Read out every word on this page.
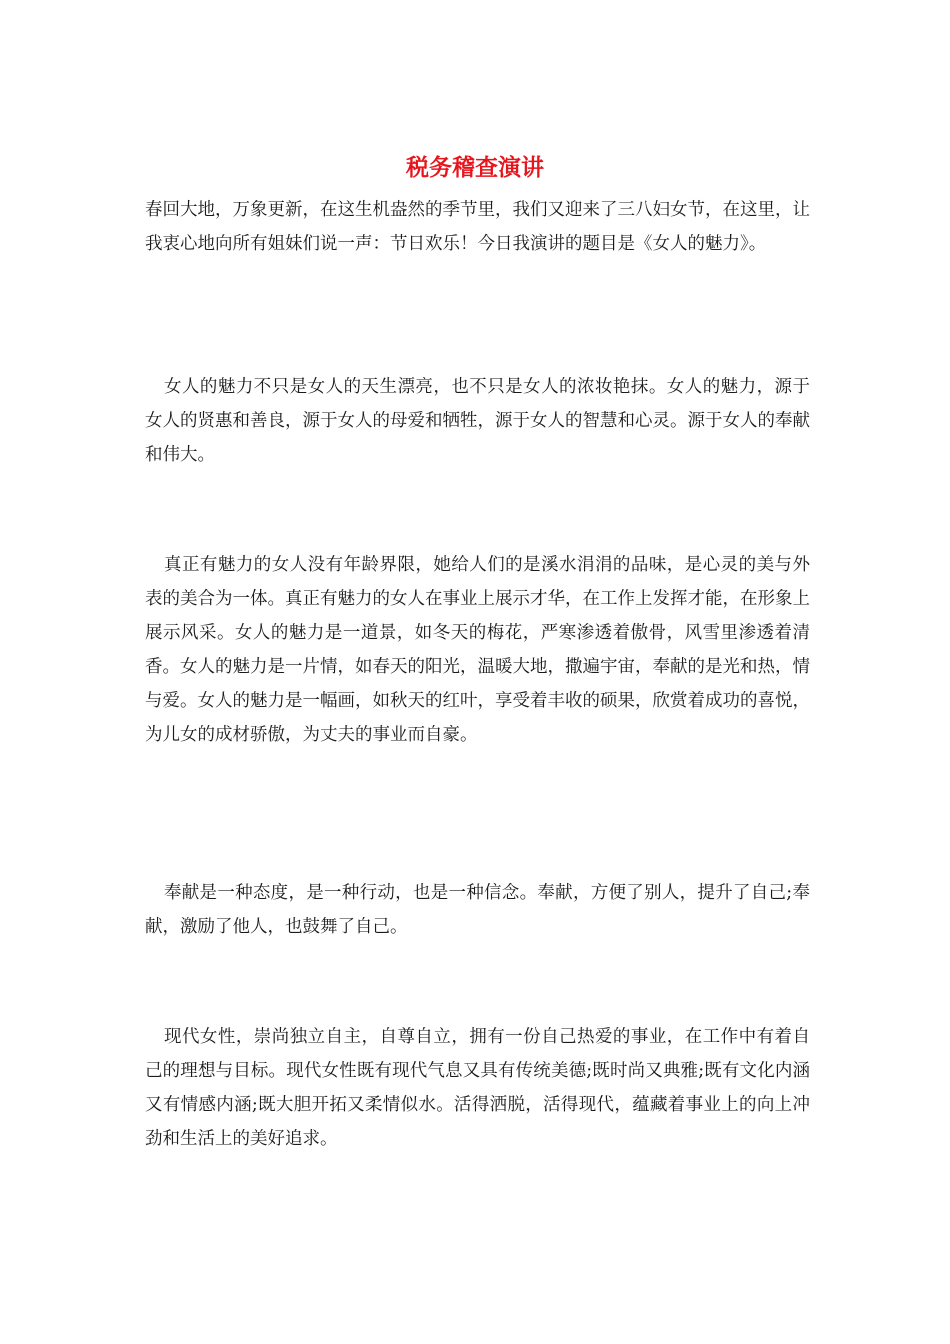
税务稽查演讲

春回大地，万象更新，在这生机盎然的季节里，我们又迎来了三八妇女节，在这里，让我衷心地向所有姐妹们说一声：节日欢乐！今日我演讲的题目是《女人的魅力》。

女人的魅力不只是女人的天生漂亮，也不只是女人的浓妆艳抹。女人的魅力，源于女人的贤惠和善良，源于女人的母爱和牺牲，源于女人的智慧和心灵。源于女人的奉献和伟大。

真正有魅力的女人没有年龄界限，她给人们的是溪水涓涓的品味，是心灵的美与外表的美合为一体。真正有魅力的女人在事业上展示才华，在工作上发挥才能，在形象上展示风采。女人的魅力是一道景，如冬天的梅花，严寒渗透着傲骨，风雪里渗透着清香。女人的魅力是一片情，如春天的阳光，温暖大地，撒遍宇宙，奉献的是光和热，情与爱。女人的魅力是一幅画，如秋天的红叶，享受着丰收的硕果，欣赏着成功的喜悦，为儿女的成材骄傲，为丈夫的事业而自豪。

奉献是一种态度，是一种行动，也是一种信念。奉献，方便了别人，提升了自己;奉献，激励了他人，也鼓舞了自己。

现代女性，崇尚独立自主，自尊自立，拥有一份自己热爱的事业，在工作中有着自己的理想与目标。现代女性既有现代气息又具有传统美德;既时尚又典雅;既有文化内涵又有情感内涵;既大胆开拓又柔情似水。活得洒脱，活得现代，蕴藏着事业上的向上冲劲和生活上的美好追求。
